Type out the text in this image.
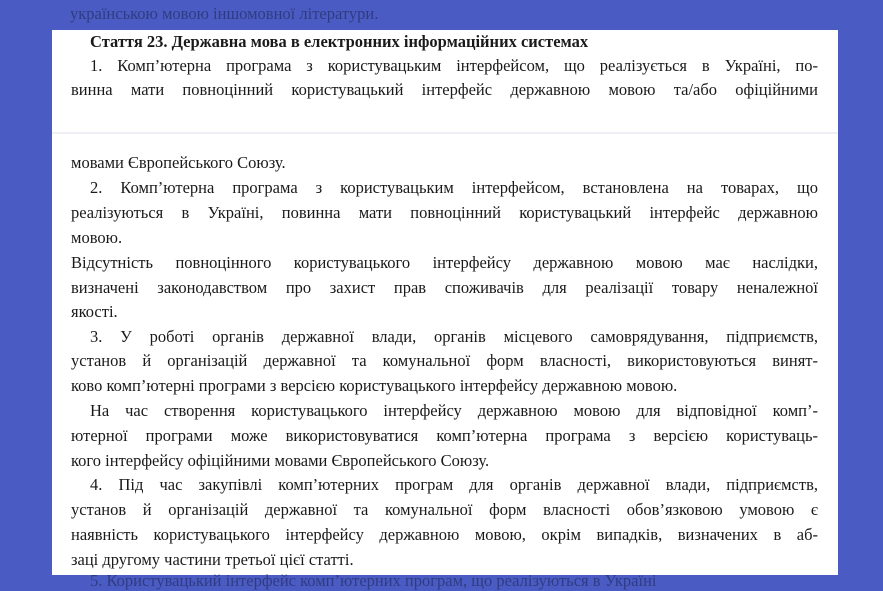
українською мовою іншомовної літератури.
Стаття 23. Державна мова в електронних інформаційних системах
1. Комп’ютерна програма з користувацьким інтерфейсом, що реалізується в Україні, по-
винна мати повноцінний користувацький інтерфейс державною мовою та/або офіційними
мовами Європейського Союзу.
2. Комп’ютерна програма з користувацьким інтерфейсом, встановлена на товарах, що
реалізуються в Україні, повинна мати повноцінний користувацький інтерфейс державною
мовою.
Відсутність повноцінного користувацького інтерфейсу державною мовою має наслідки,
визначені законодавством про захист прав споживачів для реалізації товару неналежної
якості.
3. У роботі органів державної влади, органів місцевого самоврядування, підприємств,
установ й організацій державної та комунальної форм власності, використовуються винят-
ково комп’ютерні програми з версією користувацького інтерфейсу державною мовою.
На час створення користувацького інтерфейсу державною мовою для відповідної комп’-
ютерної програми може використовуватися комп’ютерна програма з версією користуваць-
кого інтерфейсу офіційними мовами Європейського Союзу.
4. Під час закупівлі комп’ютерних програм для органів державної влади, підприємств,
установ й організацій державної та комунальної форм власності обов’язковою умовою є
наявність користувацького інтерфейсу державною мовою, окрім випадків, визначених в аб-
заці другому частини третьої цієї статті.
5. Користувацький інтерфейс комп’ютерних програм, що реалізуються в Україні
